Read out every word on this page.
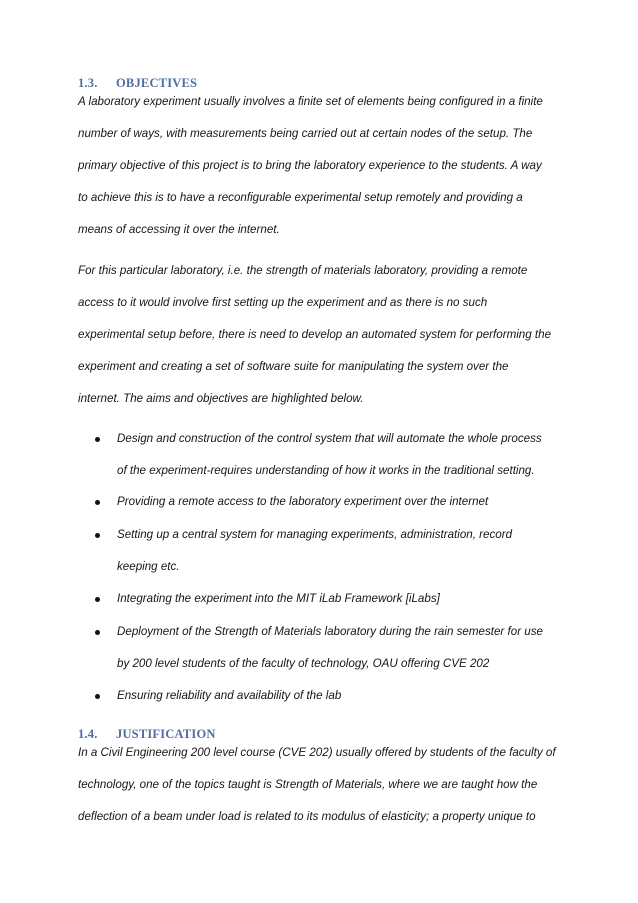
1.3. OBJECTIVES
A laboratory experiment usually involves a finite set of elements being configured in a finite
number of ways, with measurements being carried out at certain nodes of the setup. The
primary objective of this project is to bring the laboratory experience to the students. A way
to achieve this is to have a reconfigurable experimental setup remotely and providing a
means of accessing it over the internet.
For this particular laboratory, i.e. the strength of materials laboratory, providing a remote
access to it would involve first setting up the experiment and as there is no such
experimental setup before, there is need to develop an automated system for performing the
experiment and creating a set of software suite for manipulating the system over the
internet. The aims and objectives are highlighted below.
Design and construction of the control system that will automate the whole process
of the experiment-requires understanding of how it works in the traditional setting.
Providing a remote access to the laboratory experiment over the internet
Setting up a central system for managing experiments, administration, record
keeping etc.
Integrating the experiment into the MIT iLab Framework [iLabs]
Deployment of the Strength of Materials laboratory during the rain semester for use
by 200 level students of the faculty of technology, OAU offering CVE 202
Ensuring reliability and availability of the lab
1.4. JUSTIFICATION
In a Civil Engineering 200 level course (CVE 202) usually offered by students of the faculty of
technology, one of the topics taught is Strength of Materials, where we are taught how the
deflection of a beam under load is related to its modulus of elasticity; a property unique to
